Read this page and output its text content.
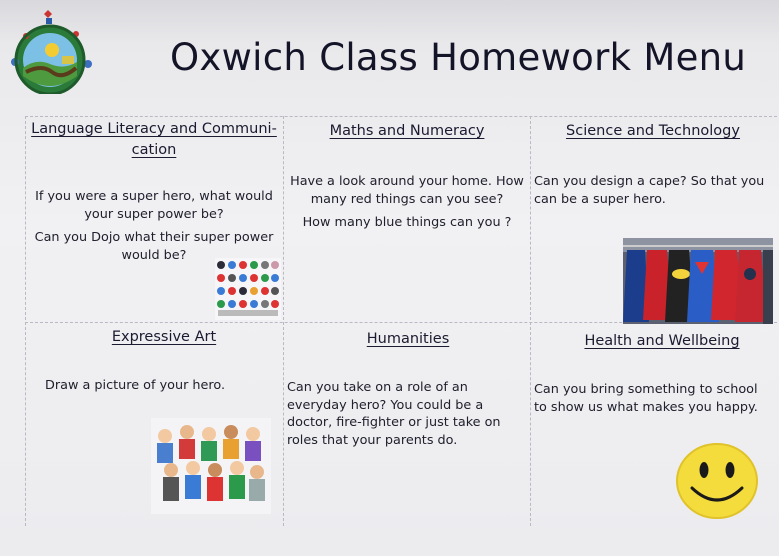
Oxwich Class Homework Menu
Language Literacy and Communi-
cation
If you were a super hero, what would your super power be?
Can you Dojo what their super power would be?
Maths and Numeracy
Have a look around your home. How many red things can you see?
How many blue things can you ?
Science and Technology
Can you design a cape? So that you can be a super hero.
Expressive Art
Draw a picture of your hero.
Humanities
Can you take on a role of an everyday hero? You could be a doctor, fire-fighter or just take on roles that your parents do.
Health and Wellbeing
Can you bring something to school to show us what makes you happy.
